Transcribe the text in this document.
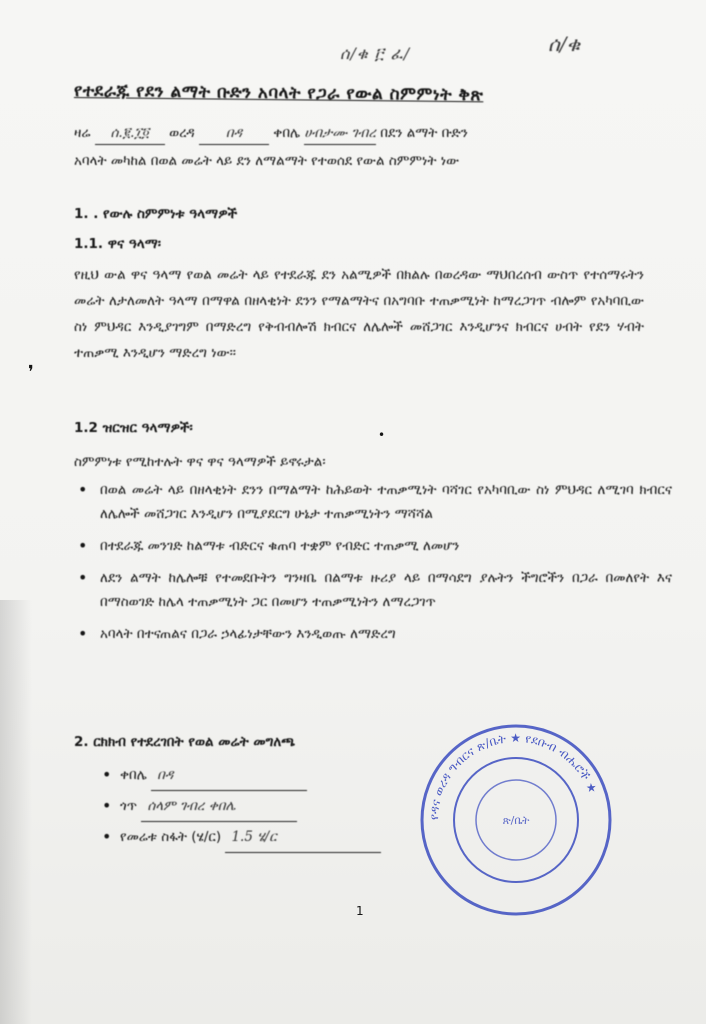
ሰ/ቁ ፫ ፈ/	ሰ/ቁ
የተደራጁ የደን ልማት ቡድን አባላት የጋራ የውል ስምምነት ቅጽ
ዛሬ ሰ.፪.፲፬ ወረዳ በዳ ቀበሌ ሀብታሙ ገብረ በደን ልማት ቡድን
አባላት መካከል በወል መሬት ላይ ደን ለማልማት የተወሰደ የውል ስምምነት ነው
1. . የውሉ ስምምነቱ ዓላማዎች
1.1. ዋና ዓላማ፡
የዚህ ውል ዋና ዓላማ የወል መሬት ላይ የተደራጁ ደን አልሚዎች በክልሉ በወረዳው ማህበረሰብ ውስጥ የተሰማሩትን መሬት ለታለመለት ዓላማ በማዋል በዘላቂነት ደንን የማልማትና በአግባቡ ተጠቃሚነት ከማረጋገጥ ብሎም የአካባቢው ስነ ምህዳር እንዲያገግም በማድረግ የቅብብሎሽ ክብርና ለሌሎች መሸጋገር እንዲሆንና ክብርና ሀብት የደን ሃብት ተጠቃሚ እንዲሆን ማድረግ ነው፡፡
1.2 ዝርዝር ዓላማዎች፡
ስምምነቱ የሚከተሉት ዋና ዋና ዓላማዎች ይኖሩታል፡
• በወል መሬት ላይ በዘላቂነት ደንን በማልማት ከሕይወት ተጠቃሚነት ባሻገር የአካባቢው ስነ ምህዳር ለሚገባ ክብርና ለሌሎች መሸጋገር እንዲሆን በሚያደርግ ሁኔታ ተጠቃሚነትን ማሻሻል
• በተደራጁ መንገድ ከልማቱ ብድርና ቁጠባ ተቋም የብድር ተጠቃሚ ለመሆን
• ለደን ልማት ከሌሎቹ የተመደቡትን ግንዛቤ በልማቱ ዙሪያ ላይ በማሳደግ ያሉትን ችግሮችን በጋራ በመለየት እና በማስወገድ ከሌላ ተጠቃሚነት ጋር በመሆን ተጠቃሚነትን ለማረጋገጥ
• አባላት በተናጠልና በጋራ ኃላፊነታቸውን እንዲወጡ ለማድረግ
2. ርክክብ የተደረገበት የወል መሬት መግለጫ
• ቀበሌ በዳ
• ጎጥ ሰላም ገብረ ቀበሌ
• የመሬቱ ስፋት (ሄ/ር) 1.5 ሄ/ር
የዳና ወረዳ ግብርና ጽ/ቤት ★ የደቡብ ብሔሮች ★
ጽ/ቤት
❜
•
1
